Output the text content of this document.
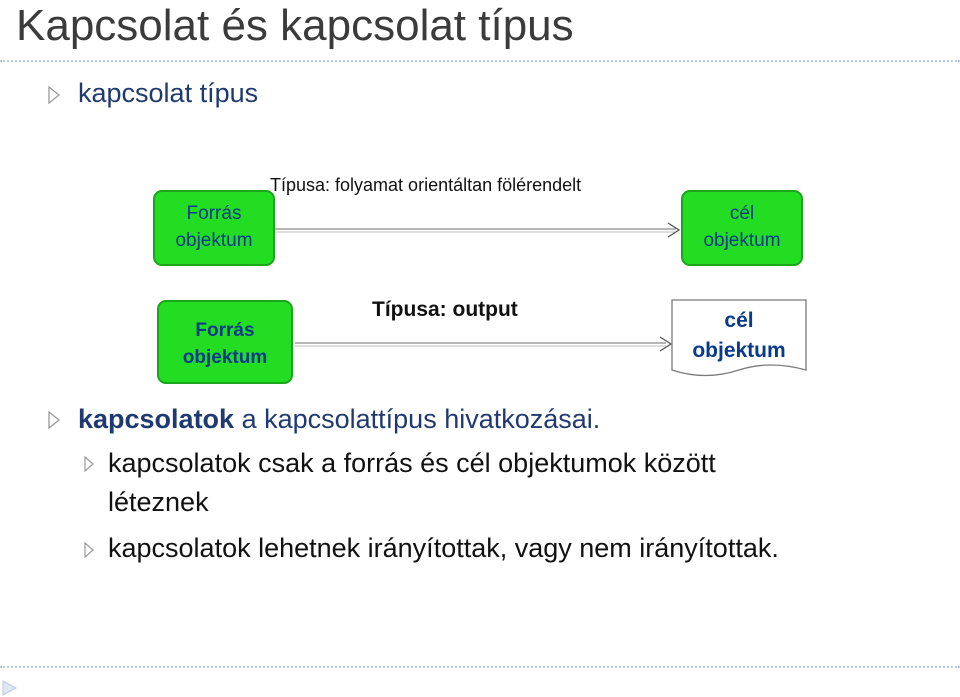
Kapcsolat és kapcsolat típus
kapcsolat típus
Forrás
objektum
Típusa: folyamat orientáltan fölérendelt
cél
objektum
Forrás
objektum
Típusa: output	cél
objektum
kapcsolatok a kapcsolattípus hivatkozásai.
kapcsolatok csak a forrás és cél objektumok között
léteznek
kapcsolatok lehetnek irányítottak, vagy nem irányítottak.
